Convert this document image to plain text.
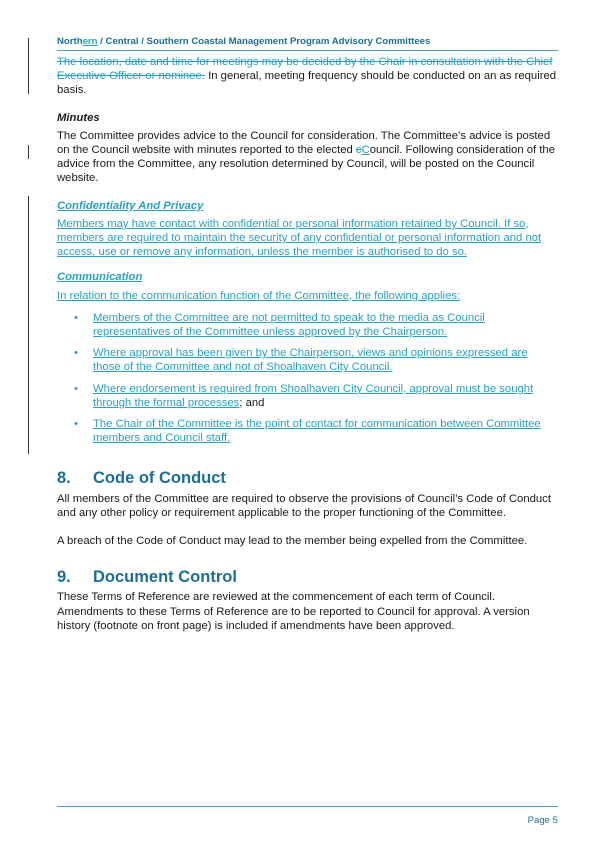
Northern / Central / Southern Coastal Management Program Advisory Committees

The location, date and time for meetings may be decided by the Chair in consultation with the Chief Executive Officer or nominee. In general, meeting frequency should be conducted on an as required basis.

Minutes

The Committee provides advice to the Council for consideration. The Committee’s advice is posted on the Council website with minutes reported to the elected cCouncil. Following consideration of the advice from the Committee, any resolution determined by Council, will be posted on the Council website.

Confidentiality And Privacy

Members may have contact with confidential or personal information retained by Council. If so, members are required to maintain the security of any confidential or personal information and not access, use or remove any information, unless the member is authorised to do so.

Communication

In relation to the communication function of the Committee, the following applies:

• Members of the Committee are not permitted to speak to the media as Council representatives of the Committee unless approved by the Chairperson.
• Where approval has been given by the Chairperson, views and opinions expressed are those of the Committee and not of Shoalhaven City Council.
• Where endorsement is required from Shoalhaven City Council, approval must be sought through the formal processes; and
• The Chair of the Committee is the point of contact for communication between Committee members and Council staff.
8.	Code of Conduct

All members of the Committee are required to observe the provisions of Council’s Code of Conduct and any other policy or requirement applicable to the proper functioning of the Committee.

A breach of the Code of Conduct may lead to the member being expelled from the Committee.

9.	Document Control

These Terms of Reference are reviewed at the commencement of each term of Council. Amendments to these Terms of Reference are to be reported to Council for approval. A version history (footnote on front page) is included if amendments have been approved.

Page 5
